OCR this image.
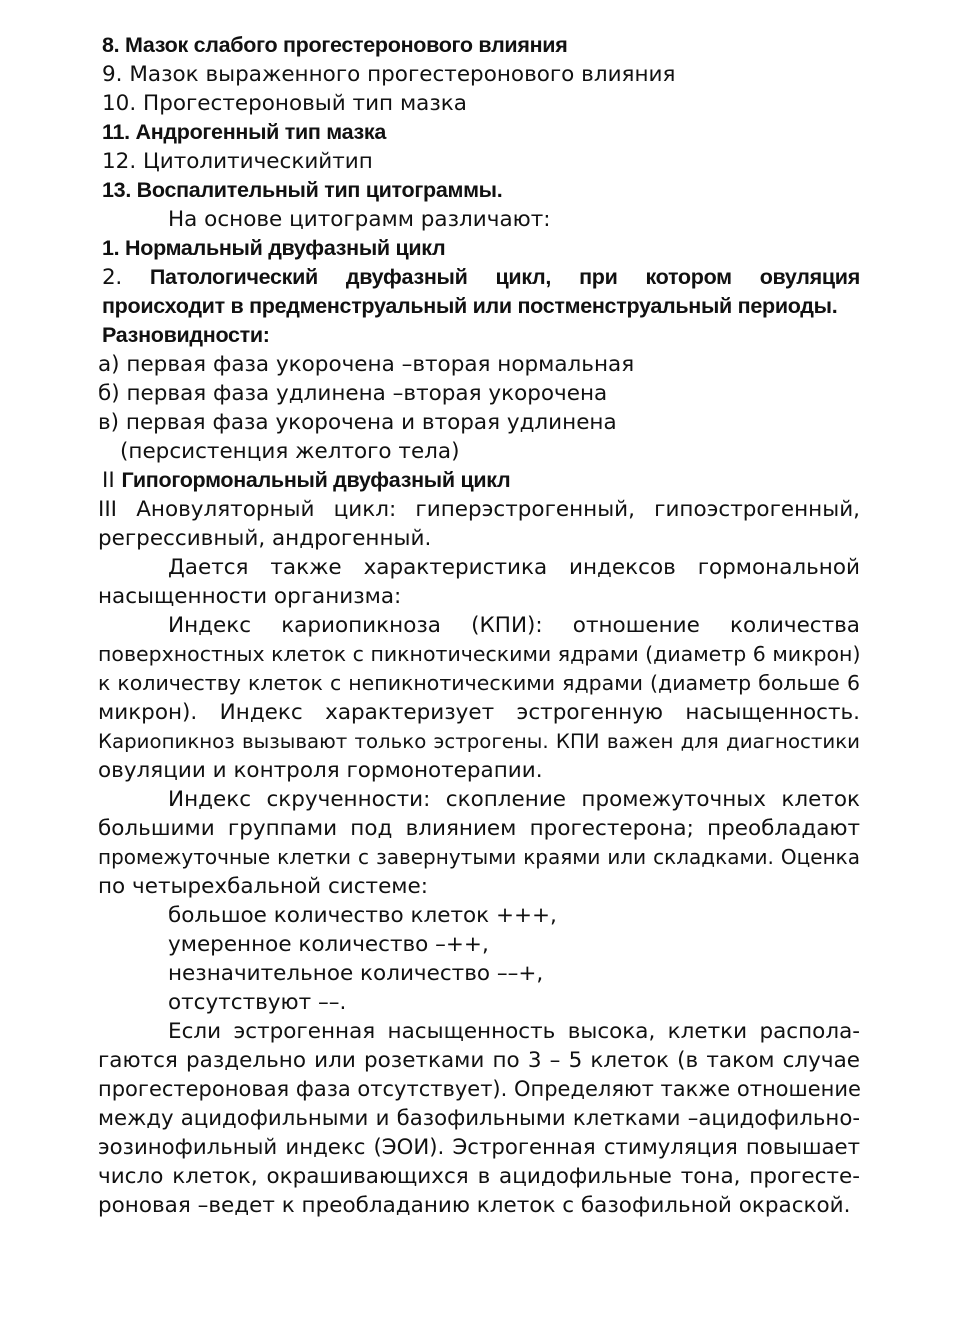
8. Мазок слабого прогестеронового влияния
9. Мазок выраженного прогестеронового влияния
10. Прогестероновый тип мазка
11. Андрогенный тип мазка
12. Цитолитическийтип
13. Воспалительный тип цитограммы.
На основе цитограмм различают:
1. Нормальный двуфазный цикл
2. Патологический двуфазный цикл, при котором овуляция
происходит в предменструальный или постменструальный периоды.
Разновидности:
а) первая фаза укорочена –вторая нормальная
б) первая фаза удлинена –вторая укорочена
в) первая фаза укорочена и вторая удлинена
(персистенция желтого тела)
II Гипогормональный двуфазный цикл
III Ановуляторный цикл: гиперэстрогенный, гипоэстрогенный,
регрессивный, андрогенный.
Дается также характеристика индексов гормональной
насыщенности организма:
Индекс кариопикноза (КПИ): отношение количества
поверхностных клеток с пикнотическими ядрами (диаметр 6 микрон)
к количеству клеток с непикнотическими ядрами (диаметр больше 6
микрон). Индекс характеризует эстрогенную насыщенность.
Кариопикноз вызывают только эстрогены. КПИ важен для диагностики
овуляции и контроля гормонотерапии.
Индекс скрученности: скопление промежуточных клеток
большими группами под влиянием прогестерона; преобладают
промежуточные клетки с завернутыми краями или складками. Оценка
по четырехбальной системе:
большое количество клеток +++,
умеренное количество –++,
незначительное количество ––+,
отсутствуют ––.
Если эстрогенная насыщенность высока, клетки распола-
гаются раздельно или розетками по 3 – 5 клеток (в таком случае
прогестероновая фаза отсутствует). Определяют также отношение
между ацидофильными и базофильными клетками –ацидофильно-
эозинофильный индекс (ЭОИ). Эстрогенная стимуляция повышает
число клеток, окрашивающихся в ацидофильные тона, прогесте-
роновая –ведет к преобладанию клеток с базофильной окраской.
